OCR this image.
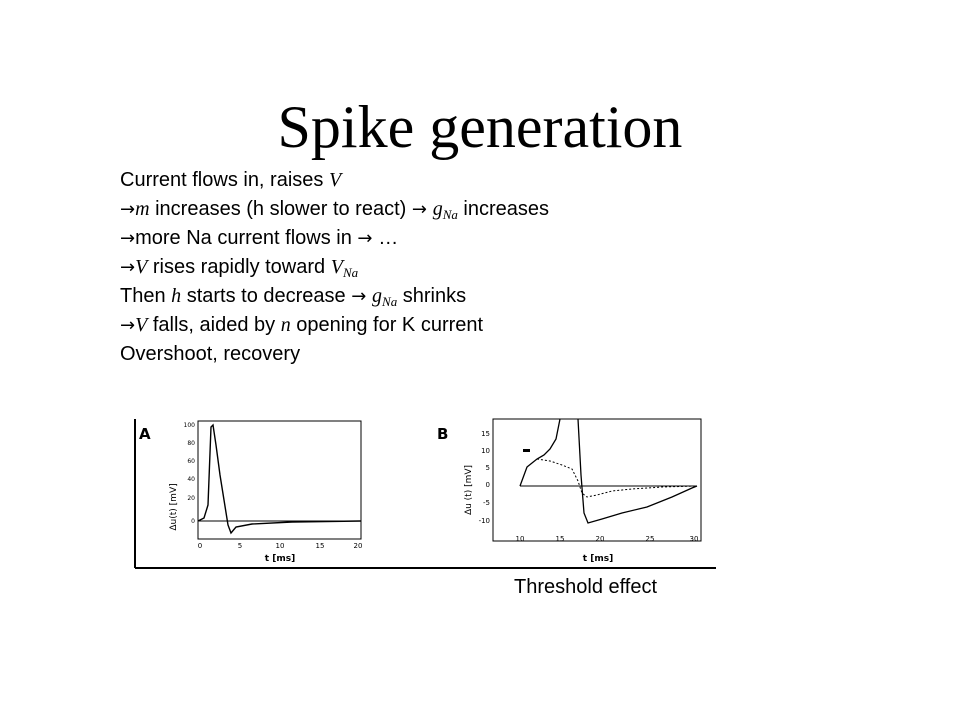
Spike generation
Current flows in, raises V
→m increases (h slower to react) → $g_{Na}$ increases
→more Na current flows in → …
→V rises rapidly toward $V_{Na}$
Then h starts to decrease → $g_{Na}$ shrinks
→V falls, aided by n opening for K current
Overshoot, recovery
A
Δu(t) [mV]
100
80
60
40
20
0
0	5	10	15	20
t [ms]
B
Δu (t) [mV]
15
10
5
0
-5
-10
10	15	20	25	30
t [ms]
Threshold effect
